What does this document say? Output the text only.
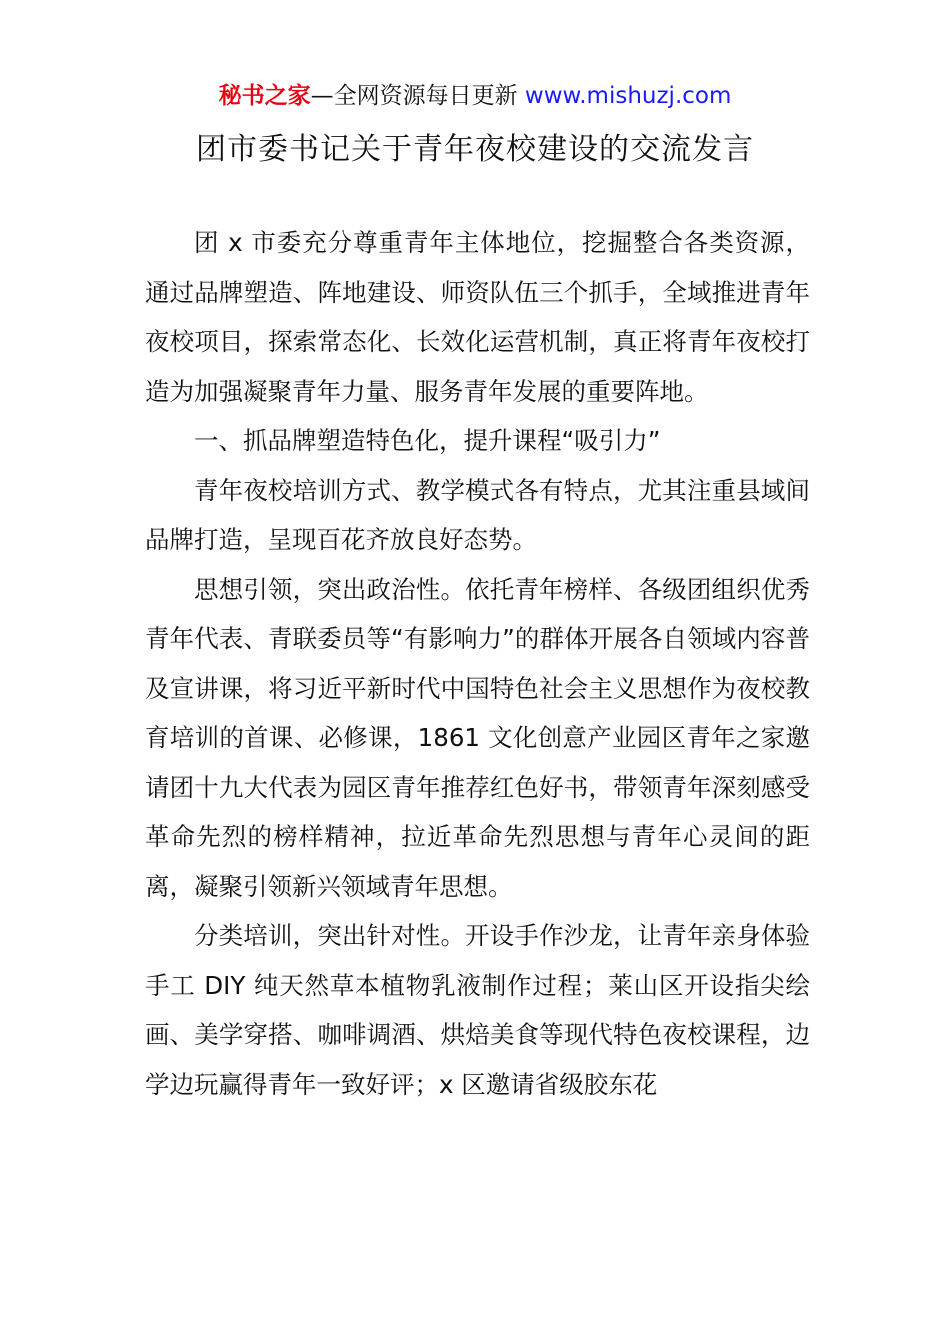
秘书之家—全网资源每日更新 www.mishuzj.com
团市委书记关于青年夜校建设的交流发言

团 x 市委充分尊重青年主体地位，挖掘整合各类资源，通过品牌塑造、阵地建设、师资队伍三个抓手，全域推进青年夜校项目，探索常态化、长效化运营机制，真正将青年夜校打造为加强凝聚青年力量、服务青年发展的重要阵地。

一、抓品牌塑造特色化，提升课程“吸引力”

青年夜校培训方式、教学模式各有特点，尤其注重县域间品牌打造，呈现百花齐放良好态势。

思想引领，突出政治性。依托青年榜样、各级团组织优秀青年代表、青联委员等“有影响力”的群体开展各自领域内容普及宣讲课，将习近平新时代中国特色社会主义思想作为夜校教育培训的首课、必修课，1861 文化创意产业园区青年之家邀请团十九大代表为园区青年推荐红色好书，带领青年深刻感受革命先烈的榜样精神，拉近革命先烈思想与青年心灵间的距离，凝聚引领新兴领域青年思想。

分类培训，突出针对性。开设手作沙龙，让青年亲身体验手工 DIY 纯天然草本植物乳液制作过程；莱山区开设指尖绘画、美学穿搭、咖啡调酒、烘焙美食等现代特色夜校课程，边学边玩赢得青年一致好评；x 区邀请省级胶东花
